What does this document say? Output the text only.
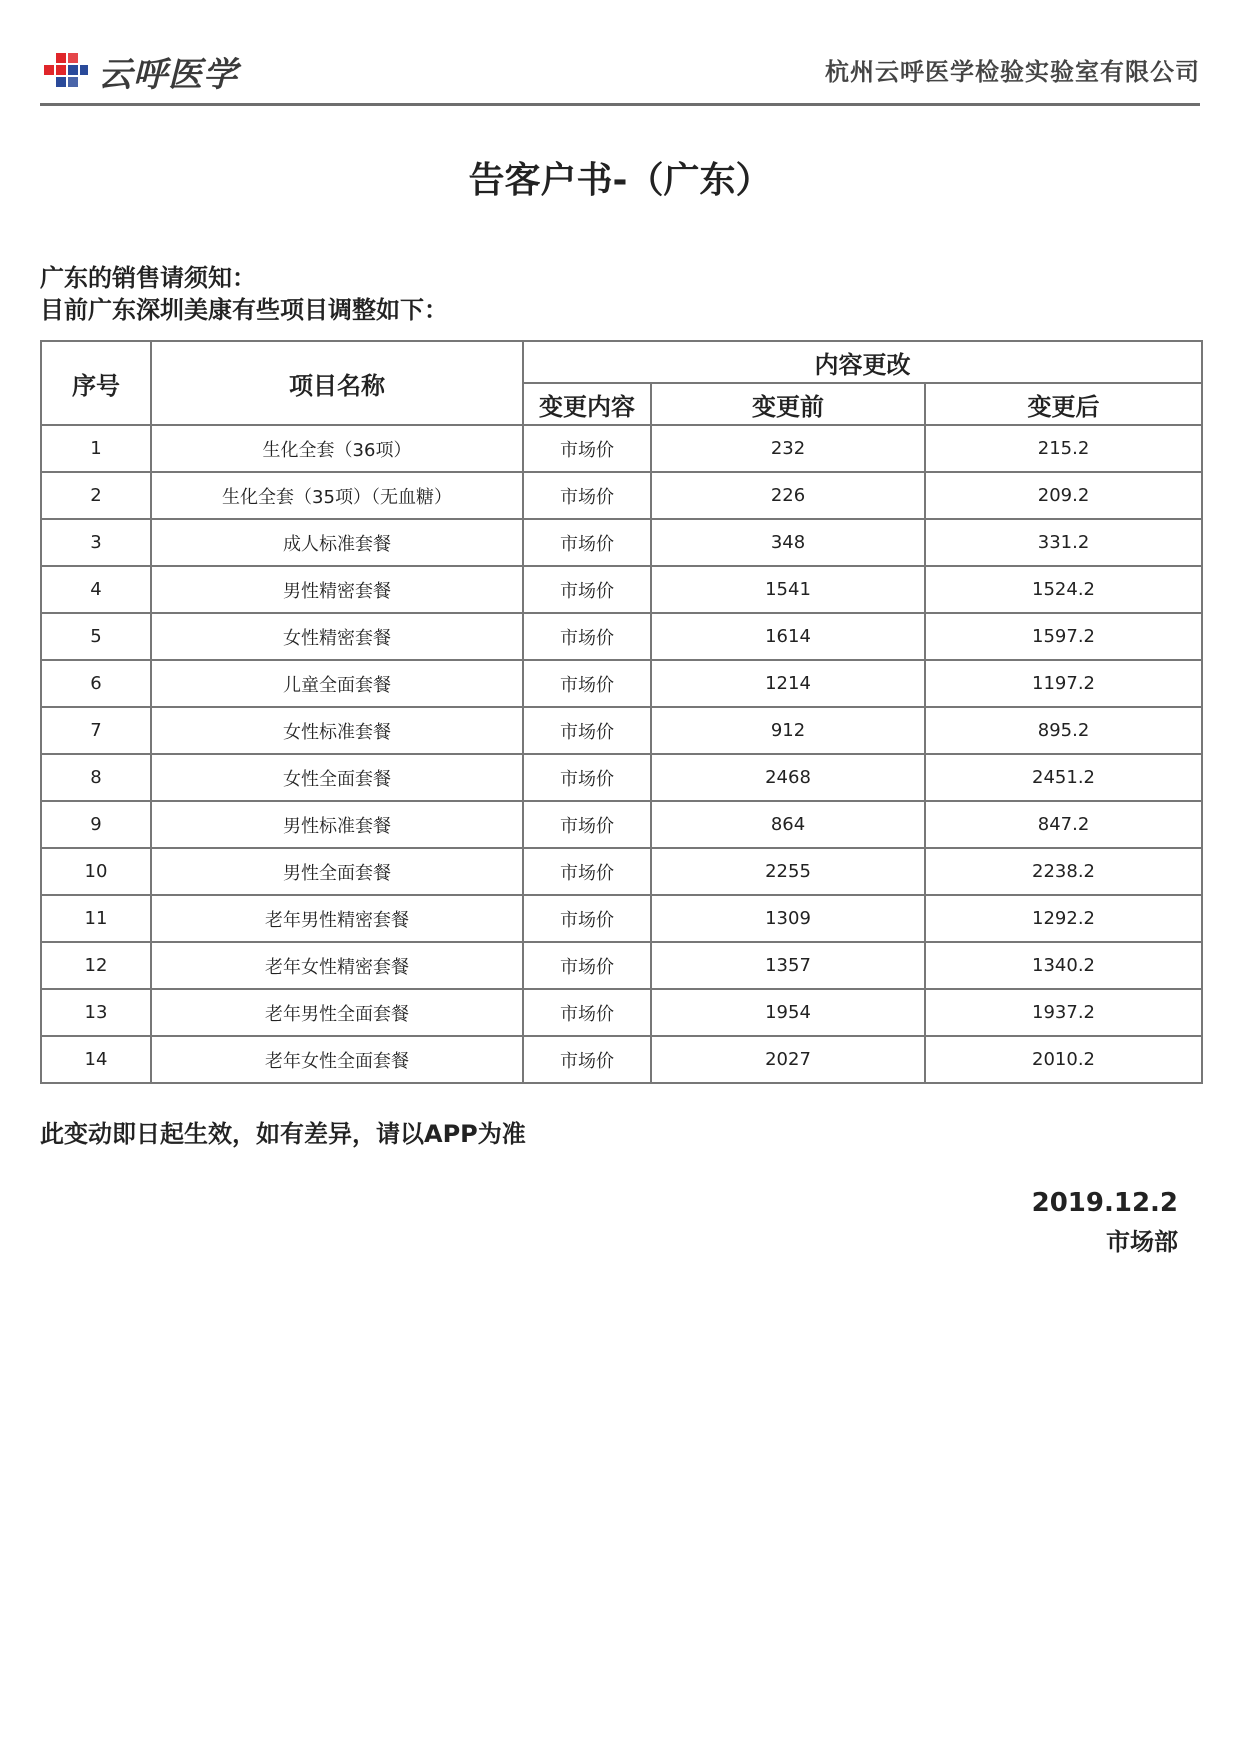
云呼医学	杭州云呼医学检验实验室有限公司
告客户书-（广东）
广东的销售请须知：
目前广东深圳美康有些项目调整如下：
序号	项目名称	内容更改		
		变更内容	变更前	变更后
1	生化全套（36项）	市场价	232	215.2
2	生化全套（35项）（无血糖）	市场价	226	209.2
3	成人标准套餐	市场价	348	331.2
4	男性精密套餐	市场价	1541	1524.2
5	女性精密套餐	市场价	1614	1597.2
6	儿童全面套餐	市场价	1214	1197.2
7	女性标准套餐	市场价	912	895.2
8	女性全面套餐	市场价	2468	2451.2
9	男性标准套餐	市场价	864	847.2
10	男性全面套餐	市场价	2255	2238.2
11	老年男性精密套餐	市场价	1309	1292.2
12	老年女性精密套餐	市场价	1357	1340.2
13	老年男性全面套餐	市场价	1954	1937.2
14	老年女性全面套餐	市场价	2027	2010.2
此变动即日起生效，如有差异，请以APP为准
2019.12.2
市场部
